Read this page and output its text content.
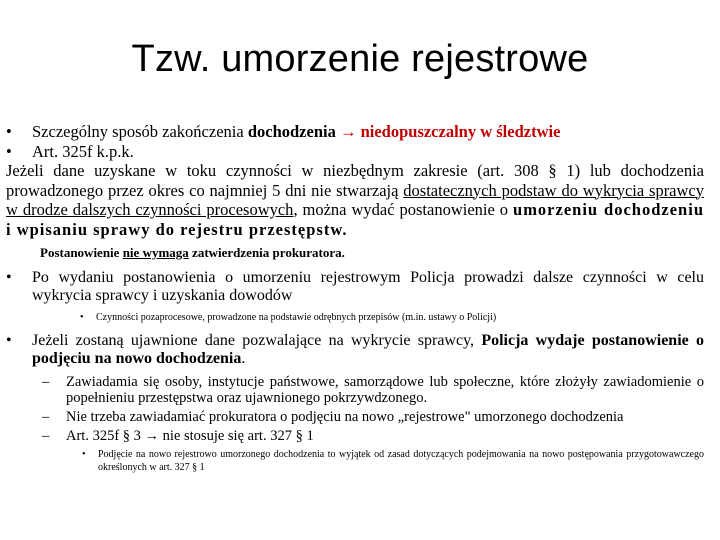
Tzw. umorzenie rejestrowe
•	Szczególny sposób zakończenia dochodzenia → niedopuszczalny w śledztwie
•	Art. 325f k.p.k.
Jeżeli dane uzyskane w toku czynności w niezbędnym zakresie (art. 308 § 1) lub dochodzenia prowadzonego przez okres co najmniej 5 dni nie stwarzają dostatecznych podstaw do wykrycia sprawcy w drodze dalszych czynności procesowych, można wydać postanowienie o umorzeniu dochodzeniu i wpisaniu sprawy do rejestru przestępstw.
Postanowienie nie wymaga zatwierdzenia prokuratora.
•	Po wydaniu postanowienia o umorzeniu rejestrowym Policja prowadzi dalsze czynności w celu wykrycia sprawcy i uzyskania dowodów
•	Czynności pozaprocesowe, prowadzone na podstawie odrębnych przepisów (m.in. ustawy o Policji)
•	Jeżeli zostaną ujawnione dane pozwalające na wykrycie sprawcy, Policja wydaje postanowienie o podjęciu na nowo dochodzenia.
–	Zawiadamia się osoby, instytucje państwowe, samorządowe lub społeczne, które złożyły zawiadomienie o popełnieniu przestępstwa oraz ujawnionego pokrzywdzonego.
–	Nie trzeba zawiadamiać prokuratora o podjęciu na nowo „rejestrowe" umorzonego dochodzenia
–	Art. 325f § 3 → nie stosuje się art. 327 § 1
•	Podjęcie na nowo rejestrowo umorzonego dochodzenia to wyjątek od zasad dotyczących podejmowania na nowo postępowania przygotowawczego określonych w art. 327 § 1
